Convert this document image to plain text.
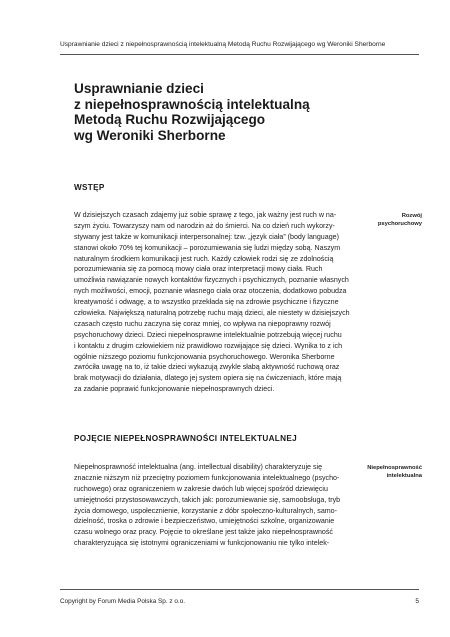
Usprawnianie dzieci z niepełnosprawnością intelektualną Metodą Ruchu Rozwijającego wg Weroniki Sherborne
Usprawnianie dzieci
z niepełnosprawnością intelektualną
Metodą Ruchu Rozwijającego
wg Weroniki Sherborne
WSTĘP
Rozwój
psychoruchowy

W dzisiejszych czasach zdajemy już sobie sprawę z tego, jak ważny jest ruch w na-
szym życiu. Towarzyszy nam od narodzin aż do śmierci. Na co dzień ruch wykorzy-
stywany jest także w komunikacji interpersonalnej: tzw. „język ciała” (body language)
stanowi około 70% tej komunikacji – porozumiewania się ludzi między sobą. Naszym
naturalnym środkiem komunikacji jest ruch. Każdy człowiek rodzi się ze zdolnością
porozumiewania się za pomocą mowy ciała oraz interpretacji mowy ciała. Ruch
umożliwia nawiązanie nowych kontaktów fizycznych i psychicznych, poznanie własnych
nych możliwości, emocji, poznanie własnego ciała oraz otoczenia, dodatkowo pobudza
kreatywność i odwagę, a to wszystko przekłada się na zdrowie psychiczne i fizyczne
człowieka. Największą naturalną potrzebę ruchu mają dzieci, ale niestety w dzisiejszych
czasach często ruchu zaczyna się coraz mniej, co wpływa na niepoprawny rozwój
psychoruchowy dzieci. Dzieci niepełnosprawne intelektualnie potrzebują więcej ruchu
i kontaktu z drugim człowiekiem niż prawidłowo rozwijające się dzieci. Wynika to z ich
ogólnie niższego poziomu funkcjonowania psychoruchowego. Weronika Sherborne
zwróciła uwagę na to, iż takie dzieci wykazują zwykle słabą aktywność ruchową oraz
brak motywacji do działania, dlatego jej system opiera się na ćwiczeniach, które mają
za zadanie poprawić funkcjonowanie niepełnosprawnych dzieci.

POJĘCIE NIEPEŁNOSPRAWNOŚCI INTELEKTUALNEJ
Niepełnosprawność
intelektualna

Niepełnosprawność intelektualna (ang. intellectual disability) charakteryzuje się
znacznie niższym niż przeciętny poziomem funkcjonowania intelektualnego (psycho-
ruchowego) oraz ograniczeniem w zakresie dwóch lub więcej spośród dziewięciu
umiejętności przystosowawczych, takich jak: porozumiewanie się, samoobsługa, tryb
życia domowego, uspołecznienie, korzystanie z dóbr społeczno-kulturalnych, samo-
dzielność, troska o zdrowie i bezpieczeństwo, umiejętności szkolne, organizowanie
czasu wolnego oraz pracy. Pojęcie to określane jest także jako niepełnosprawność
charakteryzująca się istotnymi ograniczeniami w funkcjonowaniu nie tylko intelek-

Copyright by Forum Media Polska Sp. z o.o.	5
